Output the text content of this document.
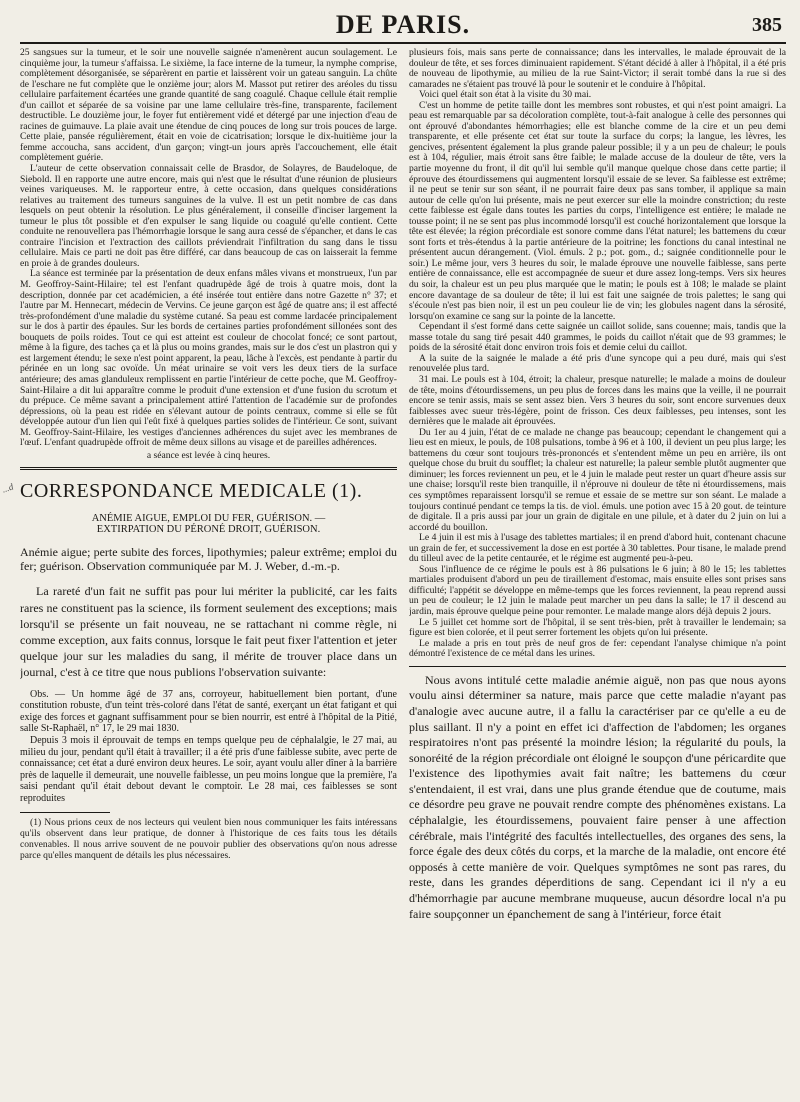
DE PARIS.	385
...d

25 sangsues sur la tumeur, et le soir une nouvelle saignée n'amenèrent aucun soulagement. Le cinquième jour, la tumeur s'affaissa. Le sixième, la face interne de la tumeur, la nymphe comprise, complètement désorganisée, se séparèrent en partie et laissèrent voir un gateau sanguin. La chûte de l'eschare ne fut complète que le onzième jour; alors M. Massot put retirer des aréoles du tissu cellulaire parfaitement écartées une grande quantité de sang coagulé. Chaque cellule était remplie d'un caillot et séparée de sa voisine par une lame cellulaire très-fine, transparente, facilement destructible. Le douzième jour, le foyer fut entièrement vidé et détergé par une injection d'eau de racines de guimauve. La plaie avait une étendue de cinq pouces de long sur trois pouces de large. Cette plaie, pansée régulièrement, était en voie de cicatrisation; lorsque le dix-huitième jour la femme accoucha, sans accident, d'un garçon; vingt-un jours après l'accouchement, elle était complètement guérie.

L'auteur de cette observation connaissait celle de Brasdor, de Solayres, de Baudeloque, de Siebold. Il en rapporte une autre encore, mais qui n'est que le résultat d'une réunion de plusieurs veines variqueuses. M. le rapporteur entre, à cette occasion, dans quelques considérations relatives au traitement des tumeurs sanguines de la vulve. Il est un petit nombre de cas dans lesquels on peut obtenir la résolution. Le plus généralement, il conseille d'inciser largement la tumeur le plus tôt possible et d'en expulser le sang liquide ou coagulé qu'elle contient. Cette conduite ne renouvellera pas l'hémorrhagie lorsque le sang aura cessé de s'épancher, et dans le cas contraire l'incision et l'extraction des caillots préviendrait l'infiltration du sang dans le tissu cellulaire. Mais ce parti ne doit pas être différé, car dans beaucoup de cas on laisserait la femme en proie à de grandes douleurs.

La séance est terminée par la présentation de deux enfans mâles vivans et monstrueux, l'un par M. Geoffroy-Saint-Hilaire; tel est l'enfant quadrupède âgé de trois à quatre mois, dont la description, donnée par cet académicien, a été insérée tout entière dans notre Gazette n° 37; et l'autre par M. Hennecart, médecin de Vervins. Ce jeune garçon est âgé de quatre ans; il est affecté très-profondément d'une maladie du système cutané. Sa peau est comme lardacée principalement sur le dos à partir des épaules. Sur les bords de certaines parties profondément sillonées sont des bouquets de poils roides. Tout ce qui est atteint est couleur de chocolat foncé; ce sont partout, même à la figure, des taches ça et là plus ou moins grandes, mais sur le dos c'est un plastron qui y est largement étendu; le sexe n'est point apparent, la peau, lâche à l'excès, est pendante à partir du périnée en un long sac ovoïde. Un méat urinaire se voit vers les deux tiers de la surface antérieure; des amas glanduleux remplissent en partie l'intérieur de cette poche, que M. Geoffroy-Saint-Hilaire a dit lui apparaître comme le produit d'une extension et d'une fusion du scrotum et du prépuce. Ce même savant a principalement attiré l'attention de l'académie sur de profondes dépressions, où la peau est ridée en s'élevant autour de points centraux, comme si elle se fût développée autour d'un lien qui l'eût fixé à quelques parties solides de l'intérieur. Ce sont, suivant M. Geoffroy-Saint-Hilaire, les vestiges d'anciennes adhérences du sujet avec les membranes de l'œuf. L'enfant quadrupède offroit de même deux sillons au visage et de pareilles adhérences.

a séance est levée à cinq heures.

CORRESPONDANCE MEDICALE (1).

ANÉMIE AIGUE, EMPLOI DU FER, GUÉRISON. —

EXTIRPATION DU PÉRONÉ DROIT, GUÉRISON.

Anémie aigue; perte subite des forces, lipothymies; paleur extrême; emploi du fer; guérison. Observation communiquée par M. J. Weber, d.-m.-p.

La rareté d'un fait ne suffit pas pour lui mériter la publicité, car les faits rares ne constituent pas la science, ils forment seulement des exceptions; mais lorsqu'il se présente un fait nouveau, ne se rattachant ni comme règle, ni comme exception, aux faits connus, lorsque le fait peut fixer l'attention et jeter quelque jour sur les maladies du sang, il mérite de trouver place dans un journal, c'est à ce titre que nous publions l'observation suivante:

Obs. — Un homme âgé de 37 ans, corroyeur, habituellement bien portant, d'une constitution robuste, d'un teint très-coloré dans l'état de santé, exerçant un état fatigant et qui exige des forces et gagnant suffisamment pour se bien nourrir, est entré à l'hôpital de la Pitié, salle St-Raphaël, n° 17, le 29 mai 1830.

Depuis 3 mois il éprouvait de temps en temps quelque peu de céphalalgie, le 27 mai, au milieu du jour, pendant qu'il était à travailler; il a été pris d'une faiblesse subite, avec perte de connaissance; cet état a duré environ deux heures. Le soir, ayant voulu aller dîner à la barrière près de laquelle il demeurait, une nouvelle faiblesse, un peu moins longue que la première, l'a saisi pendant qu'il était debout devant le comptoir. Le 28 mai, ces faiblesses se sont reproduites

(1) Nous prions ceux de nos lecteurs qui veulent bien nous communiquer les faits intéressans qu'ils observent dans leur pratique, de donner à l'historique de ces faits tous les détails convenables. Il nous arrive souvent de ne pouvoir publier des observations qu'on nous adresse parce qu'elles manquent de détails les plus nécessaires.

plusieurs fois, mais sans perte de connaissance; dans les intervalles, le malade éprouvait de la douleur de tête, et ses forces diminuaient rapidement. S'étant décidé à aller à l'hôpital, il a été pris de nouveau de lipothymie, au milieu de la rue Saint-Victor; il serait tombé dans la rue si des camarades ne s'étaient pas trouvé là pour le soutenir et le conduire à l'hôpital.

Voici quel était son état à la visite du 30 mai.

C'est un homme de petite taille dont les membres sont robustes, et qui n'est point amaigri. La peau est remarquable par sa décoloration complète, tout-à-fait analogue à celle des personnes qui ont éprouvé d'abondantes hémorrhagies; elle est blanche comme de la cire et un peu demi transparente, et elle présente cet état sur toute la surface du corps; la langue, les lèvres, les gencives, présentent également la plus grande paleur possible; il y a un peu de chaleur; le pouls est à 104, régulier, mais étroit sans être faible; le malade accuse de la douleur de tête, vers la partie moyenne du front, il dit qu'il lui semble qu'il manque quelque chose dans cette partie; il éprouve des étourdissemens qui augmentent lorsqu'il essaie de se lever. Sa faiblesse est extrême; il ne peut se tenir sur son séant, il ne pourrait faire deux pas sans tomber, il applique sa main autour de celle qu'on lui présente, mais ne peut exercer sur elle la moindre constriction; du reste cette faiblesse est égale dans toutes les parties du corps, l'intelligence est entière; le malade ne tousse point; il ne se sent pas plus incommodé lorsqu'il est couché horizontalement que lorsque la tête est élevée; la région précordiale est sonore comme dans l'état naturel; les battemens du cœur sont forts et très-étendus à la partie antérieure de la poitrine; les fonctions du canal intestinal ne présentent aucun dérangement. (Viol. émuls. 2 p.; pot. gom., d.; saignée conditionnelle pour le soir.) Le même jour, vers 3 heures du soir, le malade éprouve une nouvelle faiblesse, sans perte entière de connaissance, elle est accompagnée de sueur et dure assez long-temps. Vers six heures du soir, la chaleur est un peu plus marquée que le matin; le pouls est à 108; le malade se plaint encore davantage de sa douleur de tête; il lui est fait une saignée de trois palettes; le sang qui s'écoule n'est pas bien noir, il est un peu couleur lie de vin; les globules nagent dans la sérosité, lorsqu'on examine ce sang sur la pointe de la lancette.

Cependant il s'est formé dans cette saignée un caillot solide, sans couenne; mais, tandis que la masse totale du sang tiré pesait 440 grammes, le poids du caillot n'était que de 93 grammes; le poids de la sérosité était donc environ trois fois et demie celui du caillot.

A la suite de la saignée le malade a été pris d'une syncope qui a peu duré, mais qui s'est renouvelée plus tard.

31 mai. Le pouls est à 104, étroit; la chaleur, presque naturelle; le malade a moins de douleur de tête, moins d'étourdissemens, un peu plus de forces dans les mains que la veille, il ne pourrait encore se tenir assis, mais se sent assez bien. Vers 3 heures du soir, sont encore survenues deux faiblesses avec sueur très-légère, point de frisson. Ces deux faiblesses, peu intenses, sont les dernières que le malade ait éprouvées.

Du 1er au 4 juin, l'état de ce malade ne change pas beaucoup; cependant le changement qui a lieu est en mieux, le pouls, de 108 pulsations, tombe à 96 et à 100, il devient un peu plus large; les battemens du cœur sont toujours très-prononcés et s'entendent même un peu en arrière, ils ont quelque chose du bruit du soufflet; la chaleur est naturelle; la paleur semble plutôt augmenter que diminuer; les forces reviennent un peu, et le 4 juin le malade peut rester un quart d'heure assis sur une chaise; lorsqu'il reste bien tranquille, il n'éprouve ni douleur de tête ni étourdissemens, mais ces symptômes reparaissent lorsqu'il se remue et essaie de se mettre sur son séant. Le malade a toujours continué pendant ce temps la tis. de viol. émuls. une potion avec 15 à 20 gout. de teinture de digitale. Il a pris aussi par jour un grain de digitale en une pilule, et à dater du 2 juin on lui a accordé du bouillon.

Le 4 juin il est mis à l'usage des tablettes martiales; il en prend d'abord huit, contenant chacune un grain de fer, et successivement la dose en est portée à 30 tablettes. Pour tisane, le malade prend du tilleul avec de la petite centaurée, et le régime est augmenté peu-à-peu.

Sous l'influence de ce régime le pouls est à 86 pulsations le 6 juin; à 80 le 15; les tablettes martiales produisent d'abord un peu de tiraillement d'estomac, mais ensuite elles sont prises sans difficulté; l'appétit se développe en même-temps que les forces reviennent, la peau reprend aussi un peu de couleur; le 12 juin le malade peut marcher un peu dans la salle; le 17 il descend au jardin, mais éprouve quelque peine pour remonter. Le malade mange alors déjà depuis 2 jours.

Le 5 juillet cet homme sort de l'hôpital, il se sent très-bien, prêt à travailler le lendemain; sa figure est bien colorée, et il peut serrer fortement les objets qu'on lui présente.

Le malade a pris en tout près de neuf gros de fer: cependant l'analyse chimique n'a point démontré l'existence de ce métal dans les urines.

Nous avons intitulé cette maladie anémie aiguë, non pas que nous ayons voulu ainsi déterminer sa nature, mais parce que cette maladie n'ayant pas d'analogie avec aucune autre, il a fallu la caractériser par ce qu'elle a eu de plus saillant. Il n'y a point en effet ici d'affection de l'abdomen; les organes respiratoires n'ont pas présenté la moindre lésion; la régularité du pouls, la sonoréité de la région précordiale ont éloigné le soupçon d'une péricardite que l'existence des lipothymies avait fait naître; les battemens du cœur s'entendaient, il est vrai, dans une plus grande étendue que de coutume, mais ce désordre peu grave ne pouvait rendre compte des phénomènes existans. La céphalalgie, les étourdissemens, pouvaient faire penser à une affection cérébrale, mais l'intégrité des facultés intellectuelles, des organes des sens, la force égale des deux côtés du corps, et la marche de la maladie, ont encore été opposés à cette manière de voir. Quelques symptômes ne sont pas rares, du reste, dans les grandes déperditions de sang. Cependant ici il n'y a eu d'hémorrhagie par aucune membrane muqueuse, aucun désordre local n'a pu faire soupçonner un épanchement de sang à l'intérieur, force était
